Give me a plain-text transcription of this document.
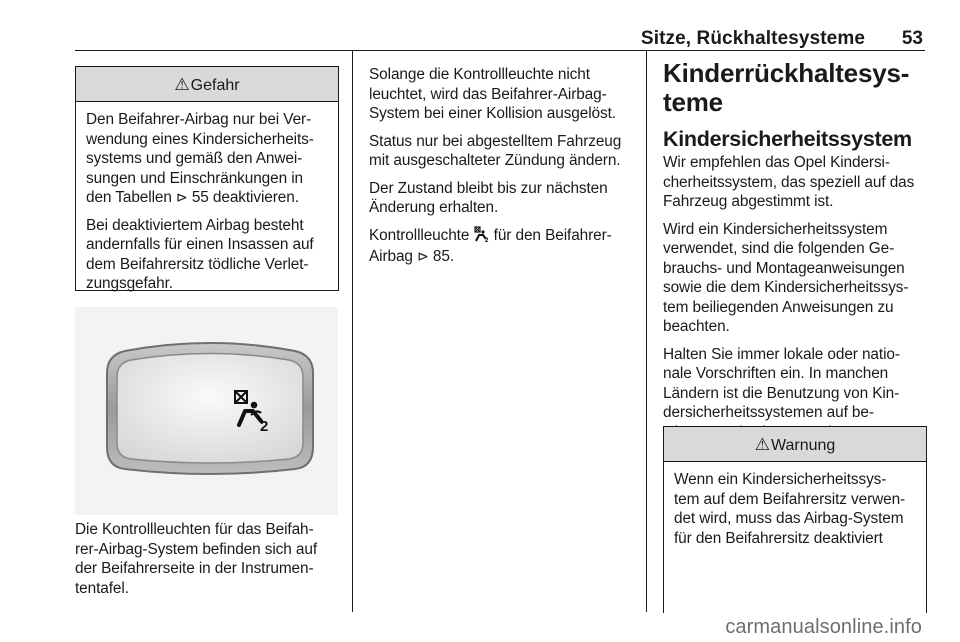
Sitze, Rückhaltesysteme 53
⚠Gefahr

Den Beifahrer-Airbag nur bei Ver-
wendung eines Kindersicherheits-
systems und gemäß den Anwei-
sungen und Einschränkungen in
den Tabellen ⊳ 55 deaktivieren.

Bei deaktiviertem Airbag besteht
andernfalls für einen Insassen auf
dem Beifahrersitz tödliche Verlet-
zungsgefahr.

2

Die Kontrollleuchten für das Beifah-
rer-Airbag-System befinden sich auf
der Beifahrerseite in der Instrumen-
tentafel.

Solange die Kontrollleuchte nicht
leuchtet, wird das Beifahrer-Airbag-
System bei einer Kollision ausgelöst.

Status nur bei abgestelltem Fahrzeug
mit ausgeschalteter Zündung ändern.

Der Zustand bleibt bis zur nächsten
Änderung erhalten.

Kontrollleuchte 2 für den Beifahrer-
Airbag ⊳ 85.

Kinderrückhaltesys-
teme
Kindersicherheitssystem

Wir empfehlen das Opel Kindersi-
cherheitssystem, das speziell auf das
Fahrzeug abgestimmt ist.

Wird ein Kindersicherheitssystem
verwendet, sind die folgenden Ge-
brauchs- und Montageanweisungen
sowie die dem Kindersicherheitssys-
tem beiliegenden Anweisungen zu
beachten.

Halten Sie immer lokale oder natio-
nale Vorschriften ein. In manchen
Ländern ist die Benutzung von Kin-
dersicherheitssystemen auf be-

⚠Warnung

Wenn ein Kindersicherheitssys-
tem auf dem Beifahrersitz verwen-
det wird, muss das Airbag-System
für den Beifahrersitz deaktiviert

carmanualsonline.info
